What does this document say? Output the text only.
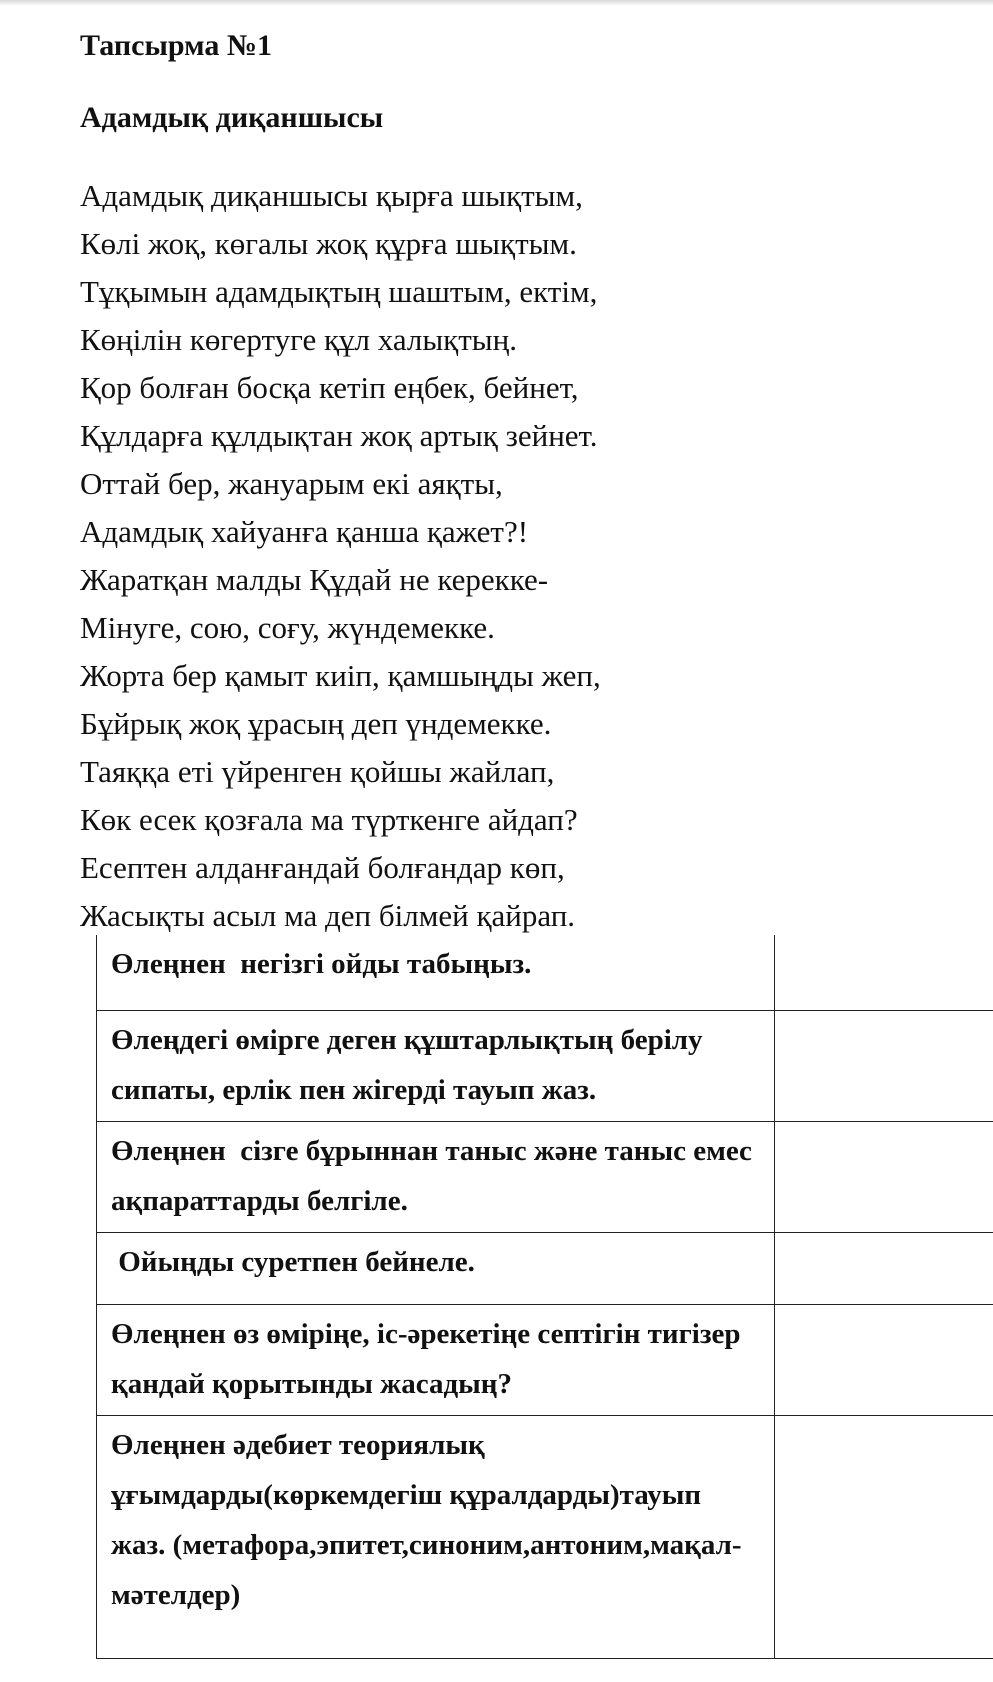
Тапсырма №1
Адамдық диқаншысы
Адамдық диқаншысы қырға шықтым,
Көлі жоқ, көгалы жоқ құрға шықтым.
Тұқымын адамдықтың шаштым, ектім,
Көңілін көгертуге құл халықтың.
Қор болған босқа кетіп еңбек, бейнет,
Құлдарға құлдықтан жоқ артық зейнет.
Оттай бер, жануарым екі аяқты,
Адамдық хайуанға қанша қажет?!
Жаратқан малды Құдай не керекке-
Мінуге, сою, соғу, жүндемекке.
Жорта бер қамыт киіп, қамшыңды жеп,
Бұйрық жоқ ұрасың деп үндемекке.
Таяққа еті үйренген қойшы жайлап,
Көк есек қозғала ма түрткенге айдап?
Есептен алданғандай болғандар көп,
Жасықты асыл ма деп білмей қайрап.
Өлеңнен  негізгі ойды табыңыз.	
Өлеңдегі өмірге деген құштарлықтың берілу сипаты, ерлік пен жігерді тауып жаз.	
Өлеңнен  сізге бұрыннан таныс және таныс емес ақпараттарды белгіле.	
Ойыңды суретпен бейнеле.	
Өлеңнен өз өміріңе, іс-әрекетіңе септігін тигізер қандай қорытынды жасадың?	
Өлеңнен әдебиет теориялық ұғымдарды(көркемдегіш құралдарды)тауып жаз. (метафора,эпитет,синоним,антоним,мақал-мәтелдер)	
